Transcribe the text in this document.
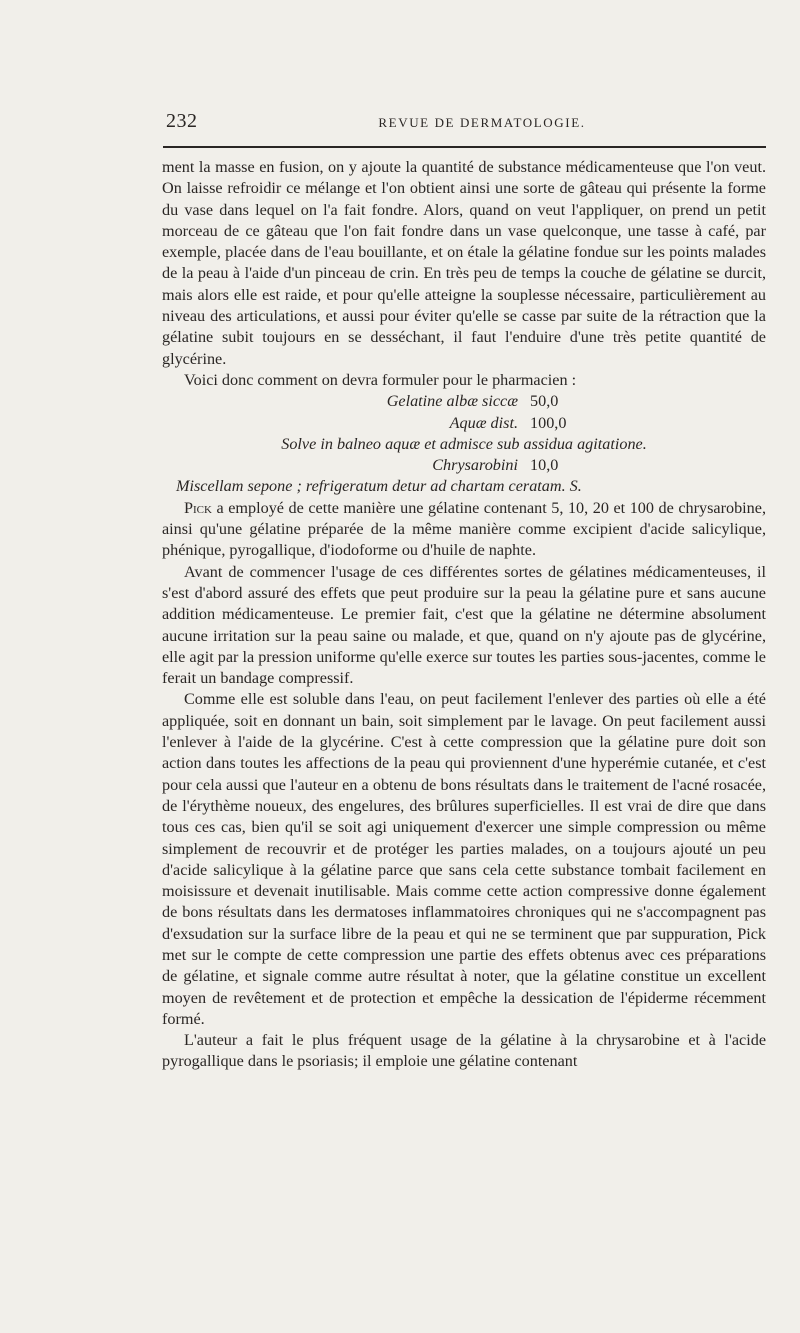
232	REVUE DE DERMATOLOGIE.

ment la masse en fusion, on y ajoute la quantité de substance médicamenteuse que l'on veut. On laisse refroidir ce mélange et l'on obtient ainsi une sorte de gâteau qui présente la forme du vase dans lequel on l'a fait fondre. Alors, quand on veut l'appliquer, on prend un petit morceau de ce gâteau que l'on fait fondre dans un vase quelconque, une tasse à café, par exemple, placée dans de l'eau bouillante, et on étale la gélatine fondue sur les points malades de la peau à l'aide d'un pinceau de crin. En très peu de temps la couche de gélatine se durcit, mais alors elle est raide, et pour qu'elle atteigne la souplesse nécessaire, particulièrement au niveau des articulations, et aussi pour éviter qu'elle se casse par suite de la rétraction que la gélatine subit toujours en se desséchant, il faut l'enduire d'une très petite quantité de glycérine.

Voici donc comment on devra formuler pour le pharmacien :

Gelatine albæ siccæ 50,0
Aquæ dist. 100,0
Solve in balneo aquæ et admisce sub assidua agitatione.
Chrysarobini 10,0
Miscellam sepone ; refrigeratum detur ad chartam ceratam. S.

Pick a employé de cette manière une gélatine contenant 5, 10, 20 et 100 de chrysarobine, ainsi qu'une gélatine préparée de la même manière comme excipient d'acide salicylique, phénique, pyrogallique, d'iodoforme ou d'huile de naphte.

Avant de commencer l'usage de ces différentes sortes de gélatines médicamenteuses, il s'est d'abord assuré des effets que peut produire sur la peau la gélatine pure et sans aucune addition médicamenteuse. Le premier fait, c'est que la gélatine ne détermine absolument aucune irritation sur la peau saine ou malade, et que, quand on n'y ajoute pas de glycérine, elle agit par la pression uniforme qu'elle exerce sur toutes les parties sous-jacentes, comme le ferait un bandage compressif.

Comme elle est soluble dans l'eau, on peut facilement l'enlever des parties où elle a été appliquée, soit en donnant un bain, soit simplement par le lavage. On peut facilement aussi l'enlever à l'aide de la glycérine. C'est à cette compression que la gélatine pure doit son action dans toutes les affections de la peau qui proviennent d'une hyperémie cutanée, et c'est pour cela aussi que l'auteur en a obtenu de bons résultats dans le traitement de l'acné rosacée, de l'érythème noueux, des engelures, des brûlures superficielles. Il est vrai de dire que dans tous ces cas, bien qu'il se soit agi uniquement d'exercer une simple compression ou même simplement de recouvrir et de protéger les parties malades, on a toujours ajouté un peu d'acide salicylique à la gélatine parce que sans cela cette substance tombait facilement en moisissure et devenait inutilisable. Mais comme cette action compressive donne également de bons résultats dans les dermatoses inflammatoires chroniques qui ne s'accompagnent pas d'exsudation sur la surface libre de la peau et qui ne se terminent que par suppuration, Pick met sur le compte de cette compression une partie des effets obtenus avec ces préparations de gélatine, et signale comme autre résultat à noter, que la gélatine constitue un excellent moyen de revêtement et de protection et empêche la dessication de l'épiderme récemment formé.

L'auteur a fait le plus fréquent usage de la gélatine à la chrysarobine et à l'acide pyrogallique dans le psoriasis; il emploie une gélatine contenant
